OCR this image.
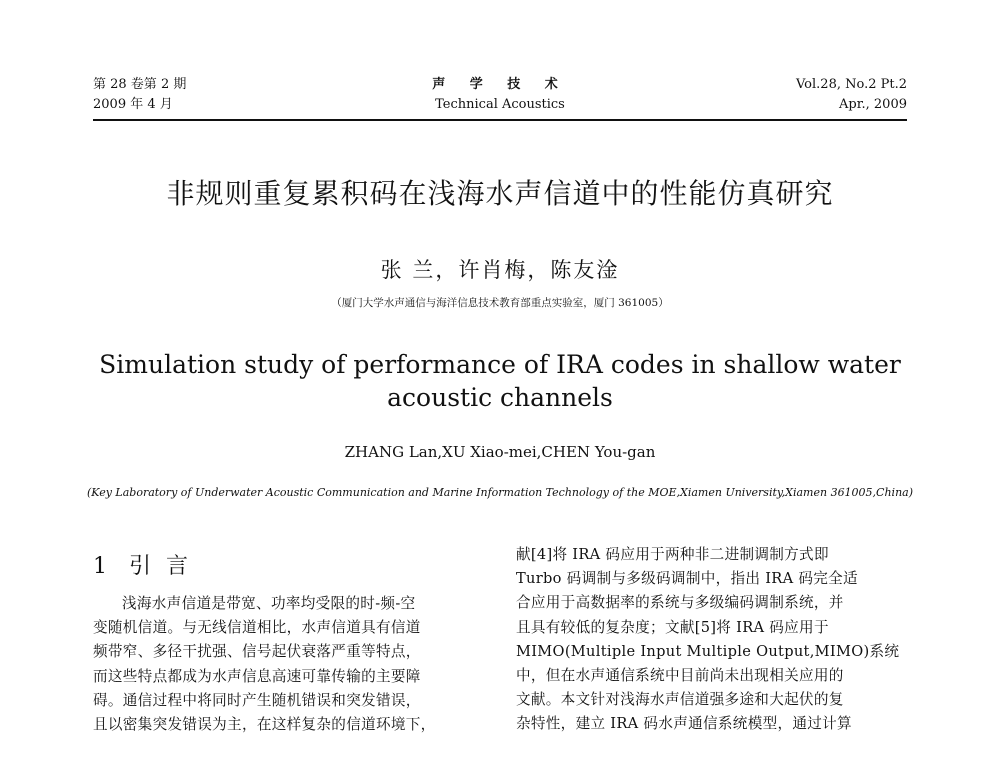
第 28 卷第 2 期
2009 年 4 月
声 学 技 术
Technical Acoustics
Vol.28, No.2 Pt.2
Apr., 2009
非规则重复累积码在浅海水声信道中的性能仿真研究
张 兰，许肖梅，陈友淦
（厦门大学水声通信与海洋信息技术教育部重点实验室，厦门 361005）
Simulation study of performance of IRA codes in shallow water
acoustic channels
ZHANG Lan,XU Xiao-mei,CHEN You-gan
(Key Laboratory of Underwater Acoustic Communication and Marine Information Technology of the MOE,Xiamen University,Xiamen 361005,China)
1 引 言
浅海水声信道是带宽、功率均受限的时-频-空
变随机信道。与无线信道相比，水声信道具有信道
频带窄、多径干扰强、信号起伏衰落严重等特点，
而这些特点都成为水声信息高速可靠传输的主要障
碍。通信过程中将同时产生随机错误和突发错误，
且以密集突发错误为主，在这样复杂的信道环境下，
献[4]将 IRA 码应用于两种非二进制调制方式即
Turbo 码调制与多级码调制中，指出 IRA 码完全适
合应用于高数据率的系统与多级编码调制系统，并
且具有较低的复杂度；文献[5]将 IRA 码应用于
MIMO(Multiple Input Multiple Output,MIMO)系统
中，但在水声通信系统中目前尚未出现相关应用的
文献。本文针对浅海水声信道强多途和大起伏的复
杂特性，建立 IRA 码水声通信系统模型，通过计算
